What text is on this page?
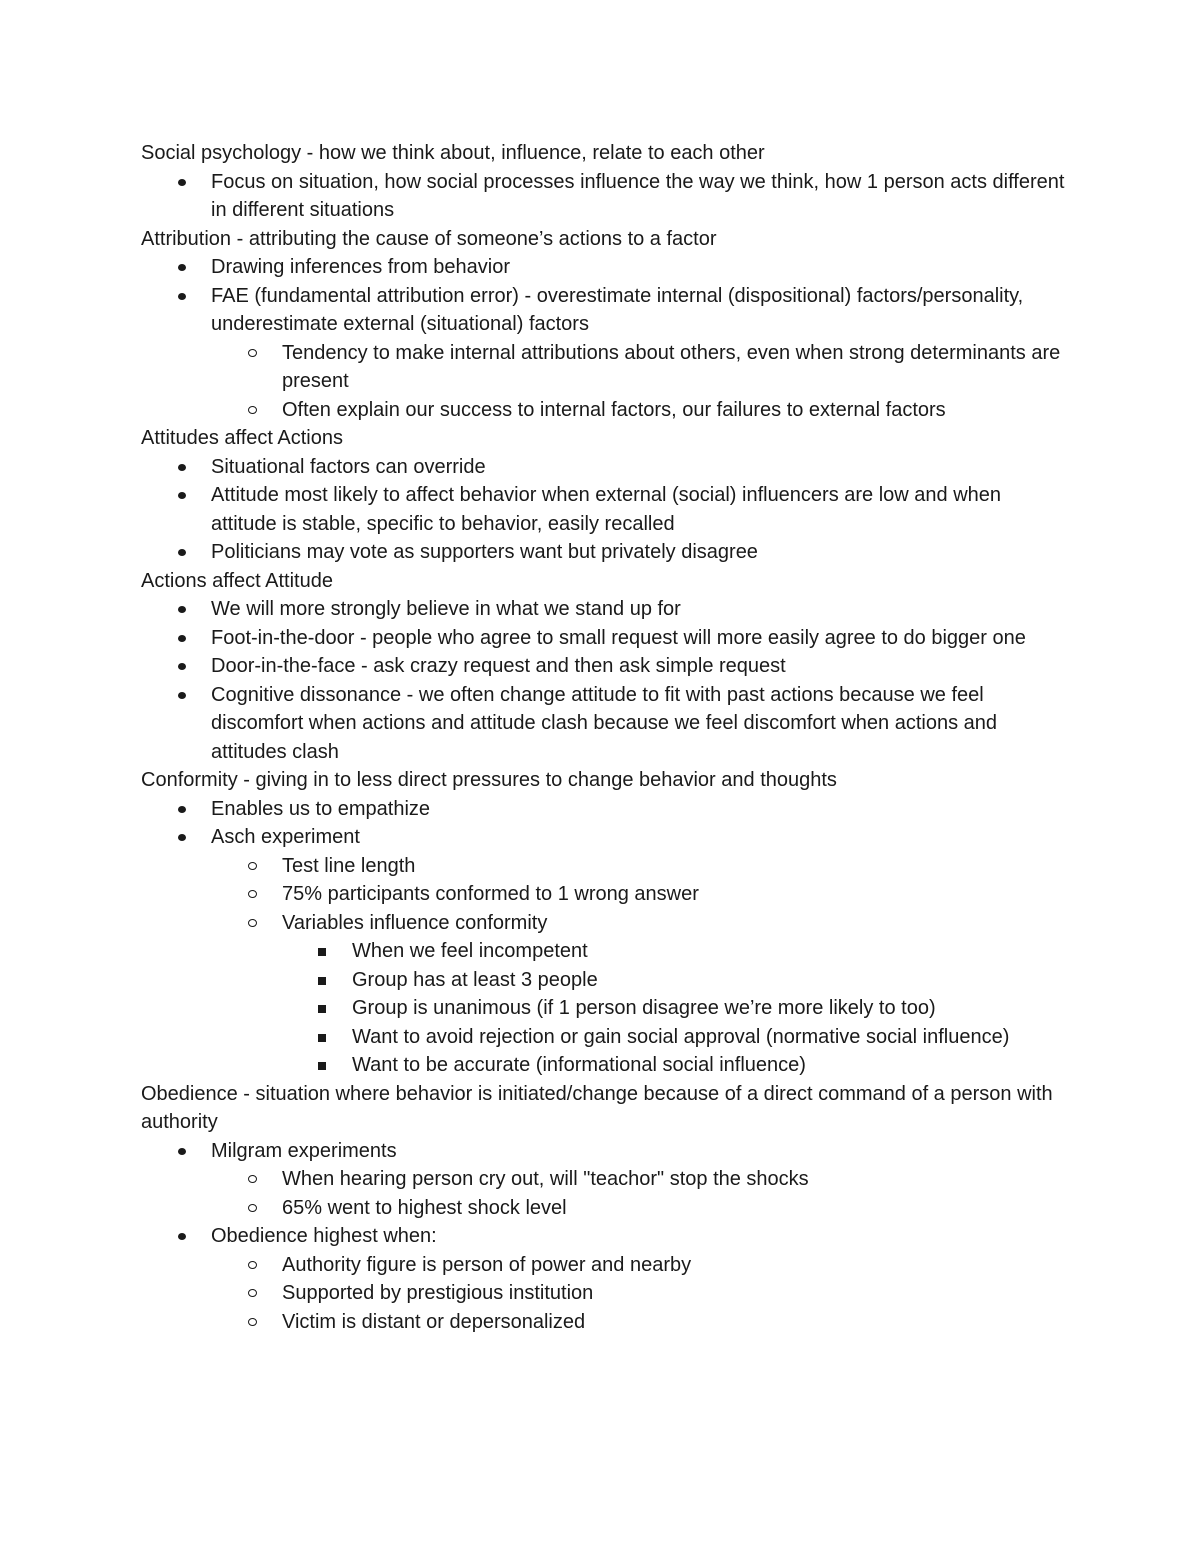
Social psychology - how we think about, influence, relate to each other
Focus on situation, how social processes influence the way we think, how 1 person acts different in different situations
Attribution - attributing the cause of someone’s actions to a factor
Drawing inferences from behavior
FAE (fundamental attribution error) - overestimate internal (dispositional) factors/personality, underestimate external (situational) factors
Tendency to make internal attributions about others, even when strong determinants are present
Often explain our success to internal factors, our failures to external factors
Attitudes affect Actions
Situational factors can override
Attitude most likely to affect behavior when external (social) influencers are low and when attitude is stable, specific to behavior, easily recalled
Politicians may vote as supporters want but privately disagree
Actions affect Attitude
We will more strongly believe in what we stand up for
Foot-in-the-door - people who agree to small request will more easily agree to do bigger one
Door-in-the-face - ask crazy request and then ask simple request
Cognitive dissonance - we often change attitude to fit with past actions because we feel discomfort when actions and attitude clash because we feel discomfort when actions and attitudes clash
Conformity - giving in to less direct pressures to change behavior and thoughts
Enables us to empathize
Asch experiment
Test line length
75% participants conformed to 1 wrong answer
Variables influence conformity
When we feel incompetent
Group has at least 3 people
Group is unanimous (if 1 person disagree we’re more likely to too)
Want to avoid rejection or gain social approval (normative social influence)
Want to be accurate (informational social influence)
Obedience - situation where behavior is initiated/change because of a direct command of a person with authority
Milgram experiments
When hearing person cry out, will "teachor" stop the shocks
65% went to highest shock level
Obedience highest when:
Authority figure is person of power and nearby
Supported by prestigious institution
Victim is distant or depersonalized
